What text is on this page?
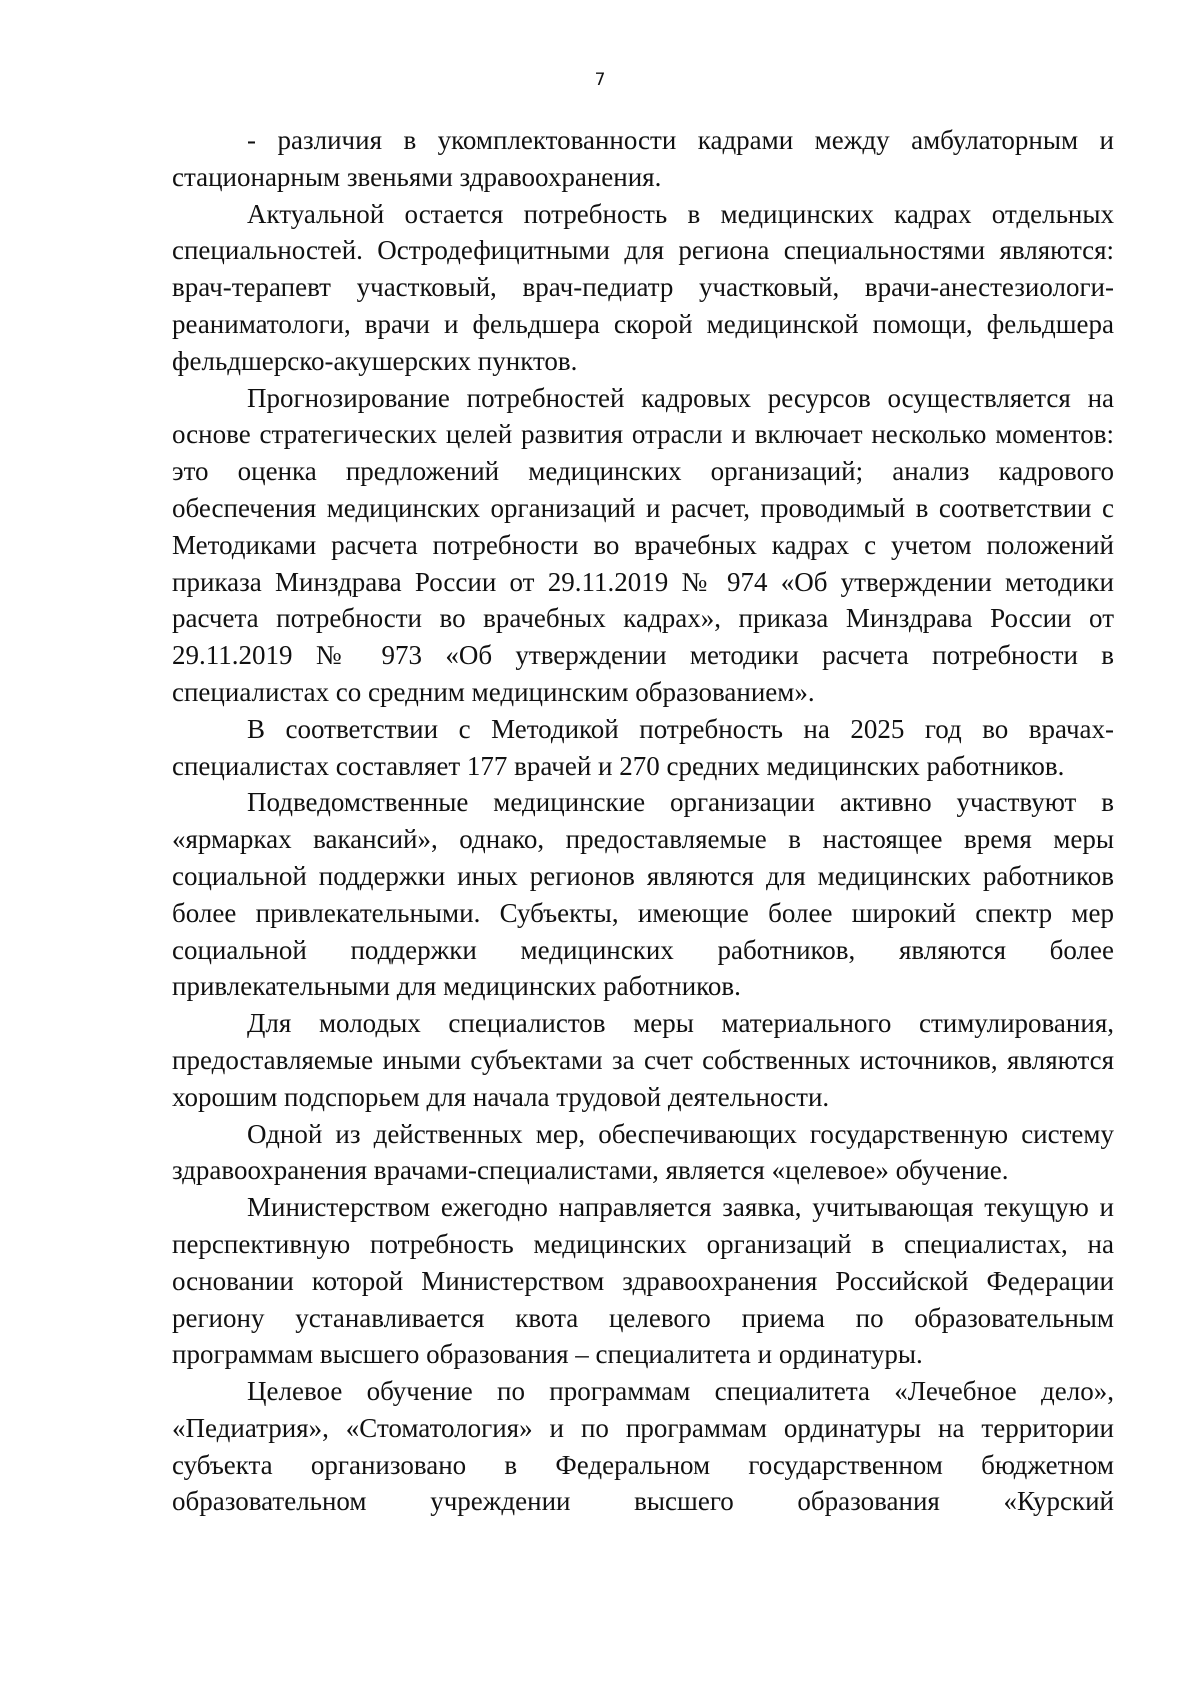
7

- различия в укомплектованности кадрами между амбулаторным и стационарным звеньями здравоохранения.

Актуальной остается потребность в медицинских кадрах отдельных специальностей. Остродефицитными для региона специальностями являются: врач-терапевт участковый, врач-педиатр участковый, врачи-анестезиологи-реаниматологи, врачи и фельдшера скорой медицинской помощи, фельдшера фельдшерско-акушерских пунктов.

Прогнозирование потребностей кадровых ресурсов осуществляется на основе стратегических целей развития отрасли и включает несколько моментов: это оценка предложений медицинских организаций; анализ кадрового обеспечения медицинских организаций и расчет, проводимый в соответствии с Методиками расчета потребности во врачебных кадрах с учетом положений приказа Минздрава России от 29.11.2019 № 974 «Об утверждении методики расчета потребности во врачебных кадрах», приказа Минздрава России от 29.11.2019 № 973 «Об утверждении методики расчета потребности в специалистах со средним медицинским образованием».

В соответствии с Методикой потребность на 2025 год во врачах-специалистах составляет 177 врачей и 270 средних медицинских работников.

Подведомственные медицинские организации активно участвуют в «ярмарках вакансий», однако, предоставляемые в настоящее время меры социальной поддержки иных регионов являются для медицинских работников более привлекательными. Субъекты, имеющие более широкий спектр мер социальной поддержки медицинских работников, являются более привлекательными для медицинских работников.

Для молодых специалистов меры материального стимулирования, предоставляемые иными субъектами за счет собственных источников, являются хорошим подспорьем для начала трудовой деятельности.

Одной из действенных мер, обеспечивающих государственную систему здравоохранения врачами-специалистами, является «целевое» обучение.

Министерством ежегодно направляется заявка, учитывающая текущую и перспективную потребность медицинских организаций в специалистах, на основании которой Министерством здравоохранения Российской Федерации региону устанавливается квота целевого приема по образовательным программам высшего образования – специалитета и ординатуры.

Целевое обучение по программам специалитета «Лечебное дело», «Педиатрия», «Стоматология» и по программам ординатуры на территории субъекта организовано в Федеральном государственном бюджетном образовательном учреждении высшего образования «Курский
